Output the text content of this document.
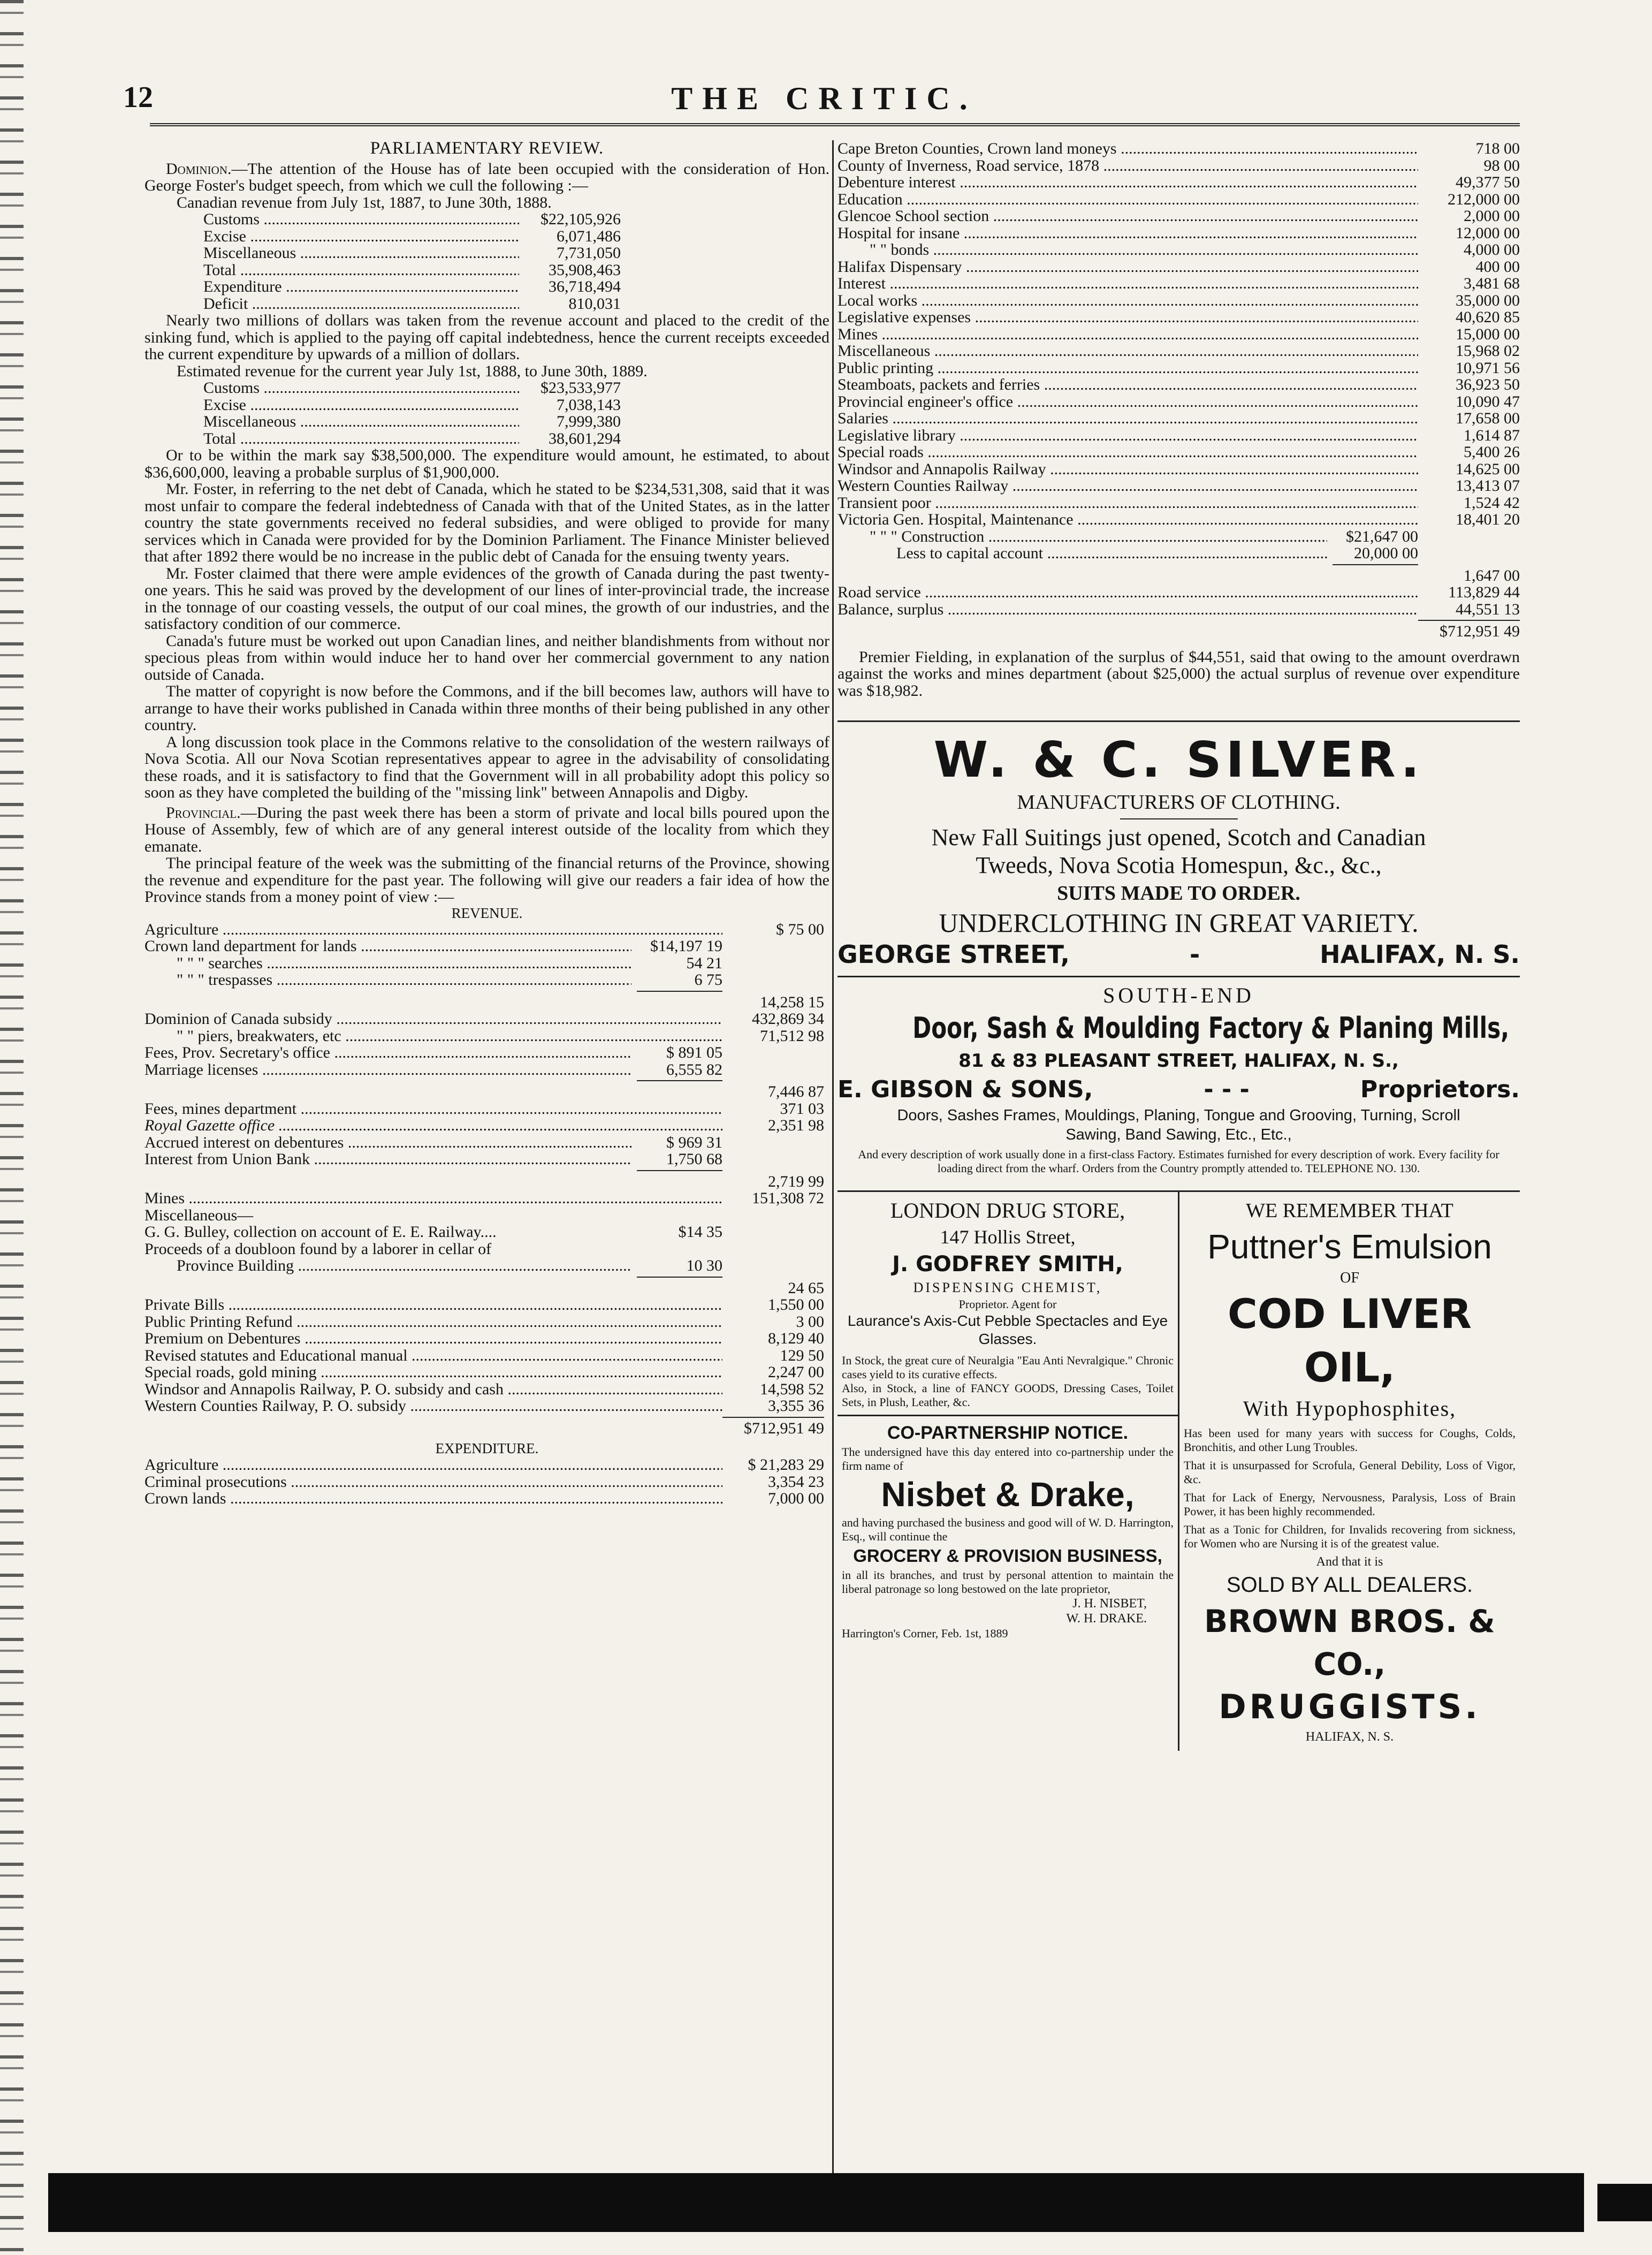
12	THE CRITIC.
PARLIAMENTARY REVIEW.

Dominion.—The attention of the House has of late been occupied with the consideration of Hon. George Foster's budget speech, from which we cull the following :—

Canadian revenue from July 1st, 1887, to June 30th, 1888.
Customs .....	$22,105,926
Excise .....	6,071,486
Miscellaneous .....	7,731,050
Total .....	35,908,463
Expenditure .....	36,718,494
Deficit .....	810,031

Nearly two millions of dollars was taken from the revenue account and placed to the credit of the sinking fund, which is applied to the paying off capital indebtedness, hence the current receipts exceeded the current expenditure by upwards of a million of dollars.

Estimated revenue for the current year July 1st, 1888, to June 30th, 1889.
Customs .....	$23,533,977
Excise .....	7,038,143
Miscellaneous .....	7,999,380
Total .....	38,601,294

Or to be within the mark say $38,500,000. The expenditure would amount, he estimated, to about $36,600,000, leaving a probable surplus of $1,900,000.

Mr. Foster, in referring to the net debt of Canada, which he stated to be $234,531,308, said that it was most unfair to compare the federal indebtedness of Canada with that of the United States, as in the latter country the state governments received no federal subsidies, and were obliged to provide for many services which in Canada were provided for by the Dominion Parliament. The Finance Minister believed that after 1892 there would be no increase in the public debt of Canada for the ensuing twenty years.

Mr. Foster claimed that there were ample evidences of the growth of Canada during the past twenty-one years. This he said was proved by the development of our lines of inter-provincial trade, the increase in the tonnage of our coasting vessels, the output of our coal mines, the growth of our industries, and the satisfactory condition of our commerce.

Canada's future must be worked out upon Canadian lines, and neither blandishments from without nor specious pleas from within would induce her to hand over her commercial government to any nation outside of Canada.

The matter of copyright is now before the Commons, and if the bill becomes law, authors will have to arrange to have their works published in Canada within three months of their being published in any other country.

A long discussion took place in the Commons relative to the consolidation of the western railways of Nova Scotia. All our Nova Scotian representatives appear to agree in the advisability of consolidating these roads, and it is satisfactory to find that the Government will in all probability adopt this policy so soon as they have completed the building of the "missing link" between Annapolis and Digby.

Provincial.—During the past week there has been a storm of private and local bills poured upon the House of Assembly, few of which are of any general interest outside of the locality from which they emanate.

The principal feature of the week was the submitting of the financial returns of the Province, showing the revenue and expenditure for the past year. The following will give our readers a fair idea of how the Province stands from a money point of view :—

REVENUE.
Agriculture .....	$ 75 00
Crown land department for lands .....	$14,197 19
" " " searches .....	54 21
" " " trespasses .....	6 75
14,258 15
Dominion of Canada subsidy .....	432,869 34
" " piers, breakwaters, etc .....	71,512 98
Fees, Prov. Secretary's office .....	$ 891 05
Marriage licenses .....	6,555 82
7,446 87
Fees, mines department .....	371 03
Royal Gazette office .....	2,351 98
Accrued interest on debentures .....	$ 969 31
Interest from Union Bank .....	1,750 68
2,719 99
Mines .....	151,308 72
Miscellaneous—
G. G. Bulley, collection on account of E. E. Railway....	$14 35
Proceeds of a doubloon found by a laborer in cellar of
Province Building .....	10 30
24 65
Private Bills .....	1,550 00
Public Printing Refund .....	3 00
Premium on Debentures .....	8,129 40
Revised statutes and Educational manual .....	129 50
Special roads, gold mining .....	2,247 00
Windsor and Annapolis Railway, P. O. subsidy and cash .....	14,598 52
Western Counties Railway, P. O. subsidy .....	3,355 36
$712,951 49
EXPENDITURE.
Agriculture .....	$ 21,283 29
Criminal prosecutions .....	3,354 23
Crown lands .....	7,000 00
Cape Breton Counties, Crown land moneys .....	718 00
County of Inverness, Road service, 1878 .....	98 00
Debenture interest .....	49,377 50
Education .....	212,000 00
Glencoe School section .....	2,000 00
Hospital for insane .....	12,000 00
" " bonds .....	4,000 00
Halifax Dispensary .....	400 00
Interest .....	3,481 68
Local works .....	35,000 00
Legislative expenses .....	40,620 85
Mines .....	15,000 00
Miscellaneous .....	15,968 02
Public printing .....	10,971 56
Steamboats, packets and ferries .....	36,923 50
Provincial engineer's office .....	10,090 47
Salaries .....	17,658 00
Legislative library .....	1,614 87
Special roads .....	5,400 26
Windsor and Annapolis Railway .....	14,625 00
Western Counties Railway .....	13,413 07
Transient poor .....	1,524 42
Victoria Gen. Hospital, Maintenance .....	18,401 20
" " " Construction .....	$21,647 00
Less to capital account .....	20,000 00
1,647 00
Road service .....	113,829 44
Balance, surplus .....	44,551 13
$712,951 49

Premier Fielding, in explanation of the surplus of $44,551, said that owing to the amount overdrawn against the works and mines department (about $25,000) the actual surplus of revenue over expenditure was $18,982.

W. & C. SILVER.
MANUFACTURERS OF CLOTHING.
New Fall Suitings just opened, Scotch and Canadian
Tweeds, Nova Scotia Homespun, &c., &c.,
SUITS MADE TO ORDER.
UNDERCLOTHING IN GREAT VARIETY.
GEORGE STREET,	-	HALIFAX, N. S.
SOUTH-END
Door, Sash & Moulding Factory & Planing Mills,
81 & 83 PLEASANT STREET, HALIFAX, N. S.,
E. GIBSON & SONS,	- - -	Proprietors.
Doors, Sashes Frames, Mouldings, Planing, Tongue and Grooving, Turning, Scroll
Sawing, Band Sawing, Etc., Etc.,
And every description of work usually done in a first-class Factory. Estimates furnished for every description of work. Every facility for loading direct from the wharf. Orders from the Country promptly attended to. TELEPHONE NO. 130.
LONDON DRUG STORE,
147 Hollis Street,
J. GODFREY SMITH,
DISPENSING CHEMIST,
Proprietor. Agent for
Laurance's Axis-Cut Pebble Spectacles and Eye Glasses.
In Stock, the great cure of Neuralgia "Eau Anti Nevralgique." Chronic cases yield to its curative effects.
Also, in Stock, a line of FANCY GOODS, Dressing Cases, Toilet Sets, in Plush, Leather, &c.
CO-PARTNERSHIP NOTICE.
The undersigned have this day entered into co-partnership under the firm name of
Nisbet & Drake,
and having purchased the business and good will of W. D. Harrington, Esq., will continue the
GROCERY & PROVISION BUSINESS,
in all its branches, and trust by personal attention to maintain the liberal patronage so long bestowed on the late proprietor,
J. H. NISBET,
W. H. DRAKE.
Harrington's Corner, Feb. 1st, 1889
WE REMEMBER THAT
Puttner's Emulsion
OF
COD LIVER OIL,
With Hypophosphites,
Has been used for many years with success for Coughs, Colds, Bronchitis, and other Lung Troubles.
That it is unsurpassed for Scrofula, General Debility, Loss of Vigor, &c.
That for Lack of Energy, Nervousness, Paralysis, Loss of Brain Power, it has been highly recommended.
That as a Tonic for Children, for Invalids recovering from sickness, for Women who are Nursing it is of the greatest value.
And that it is
SOLD BY ALL DEALERS.
BROWN BROS. & CO.,
DRUGGISTS.
HALIFAX, N. S.
